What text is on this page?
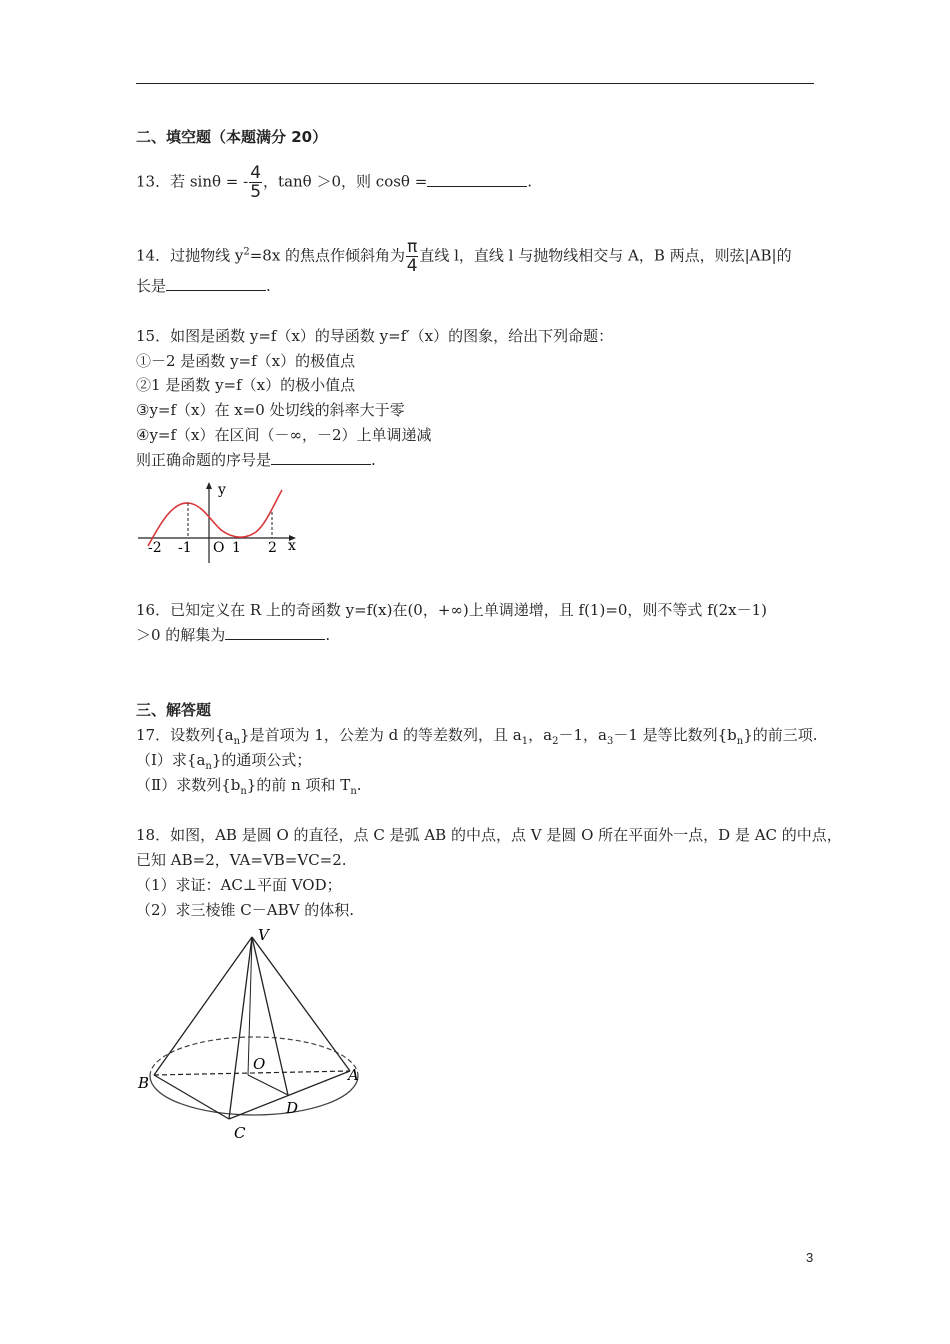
二、填空题（本题满分 20）
13．若 sinθ = - $\frac{4}{5}$ ，tanθ ＞0，则 cosθ =	.
14．过抛物线 $y^2=8x$ 的焦点作倾斜角为 $\frac{\pi}{4}$ 直线 l，直线 l 与抛物线相交与 A，B 两点，则弦|AB|的
长是	.
15．如图是函数 y=f（x）的导函数 y=f′（x）的图象，给出下列命题：
①－2 是函数 y=f（x）的极值点
②1 是函数 y=f（x）的极小值点
③y=f（x）在 x=0 处切线的斜率大于零
④y=f（x）在区间（－∞，－2）上单调递减
则正确命题的序号是	.
y
x
O
-2 -1	1 2
16．已知定义在 R 上的奇函数 y=f(x)在(0，+∞)上单调递增，且 f(1)=0，则不等式 f(2x－1)
＞0 的解集为	.
三、解答题
17．设数列$\{a_n\}$是首项为 1，公差为 d 的等差数列，且 $a_1$，$a_2-1$，$a_3-1$ 是等比数列$\{b_n\}$的前三项.
（Ⅰ）求$\{a_n\}$的通项公式；
（Ⅱ）求数列$\{b_n\}$的前 n 项和 $T_n$.
18．如图，AB 是圆 O 的直径，点 C 是弧 AB 的中点，点 V 是圆 O 所在平面外一点，D 是 AC 的中点，
已知 AB=2，VA=VB=VC=2.
（1）求证：AC⊥平面 VOD；
（2）求三棱锥 C－ABV 的体积.
V
O
A
B
C
D
3
